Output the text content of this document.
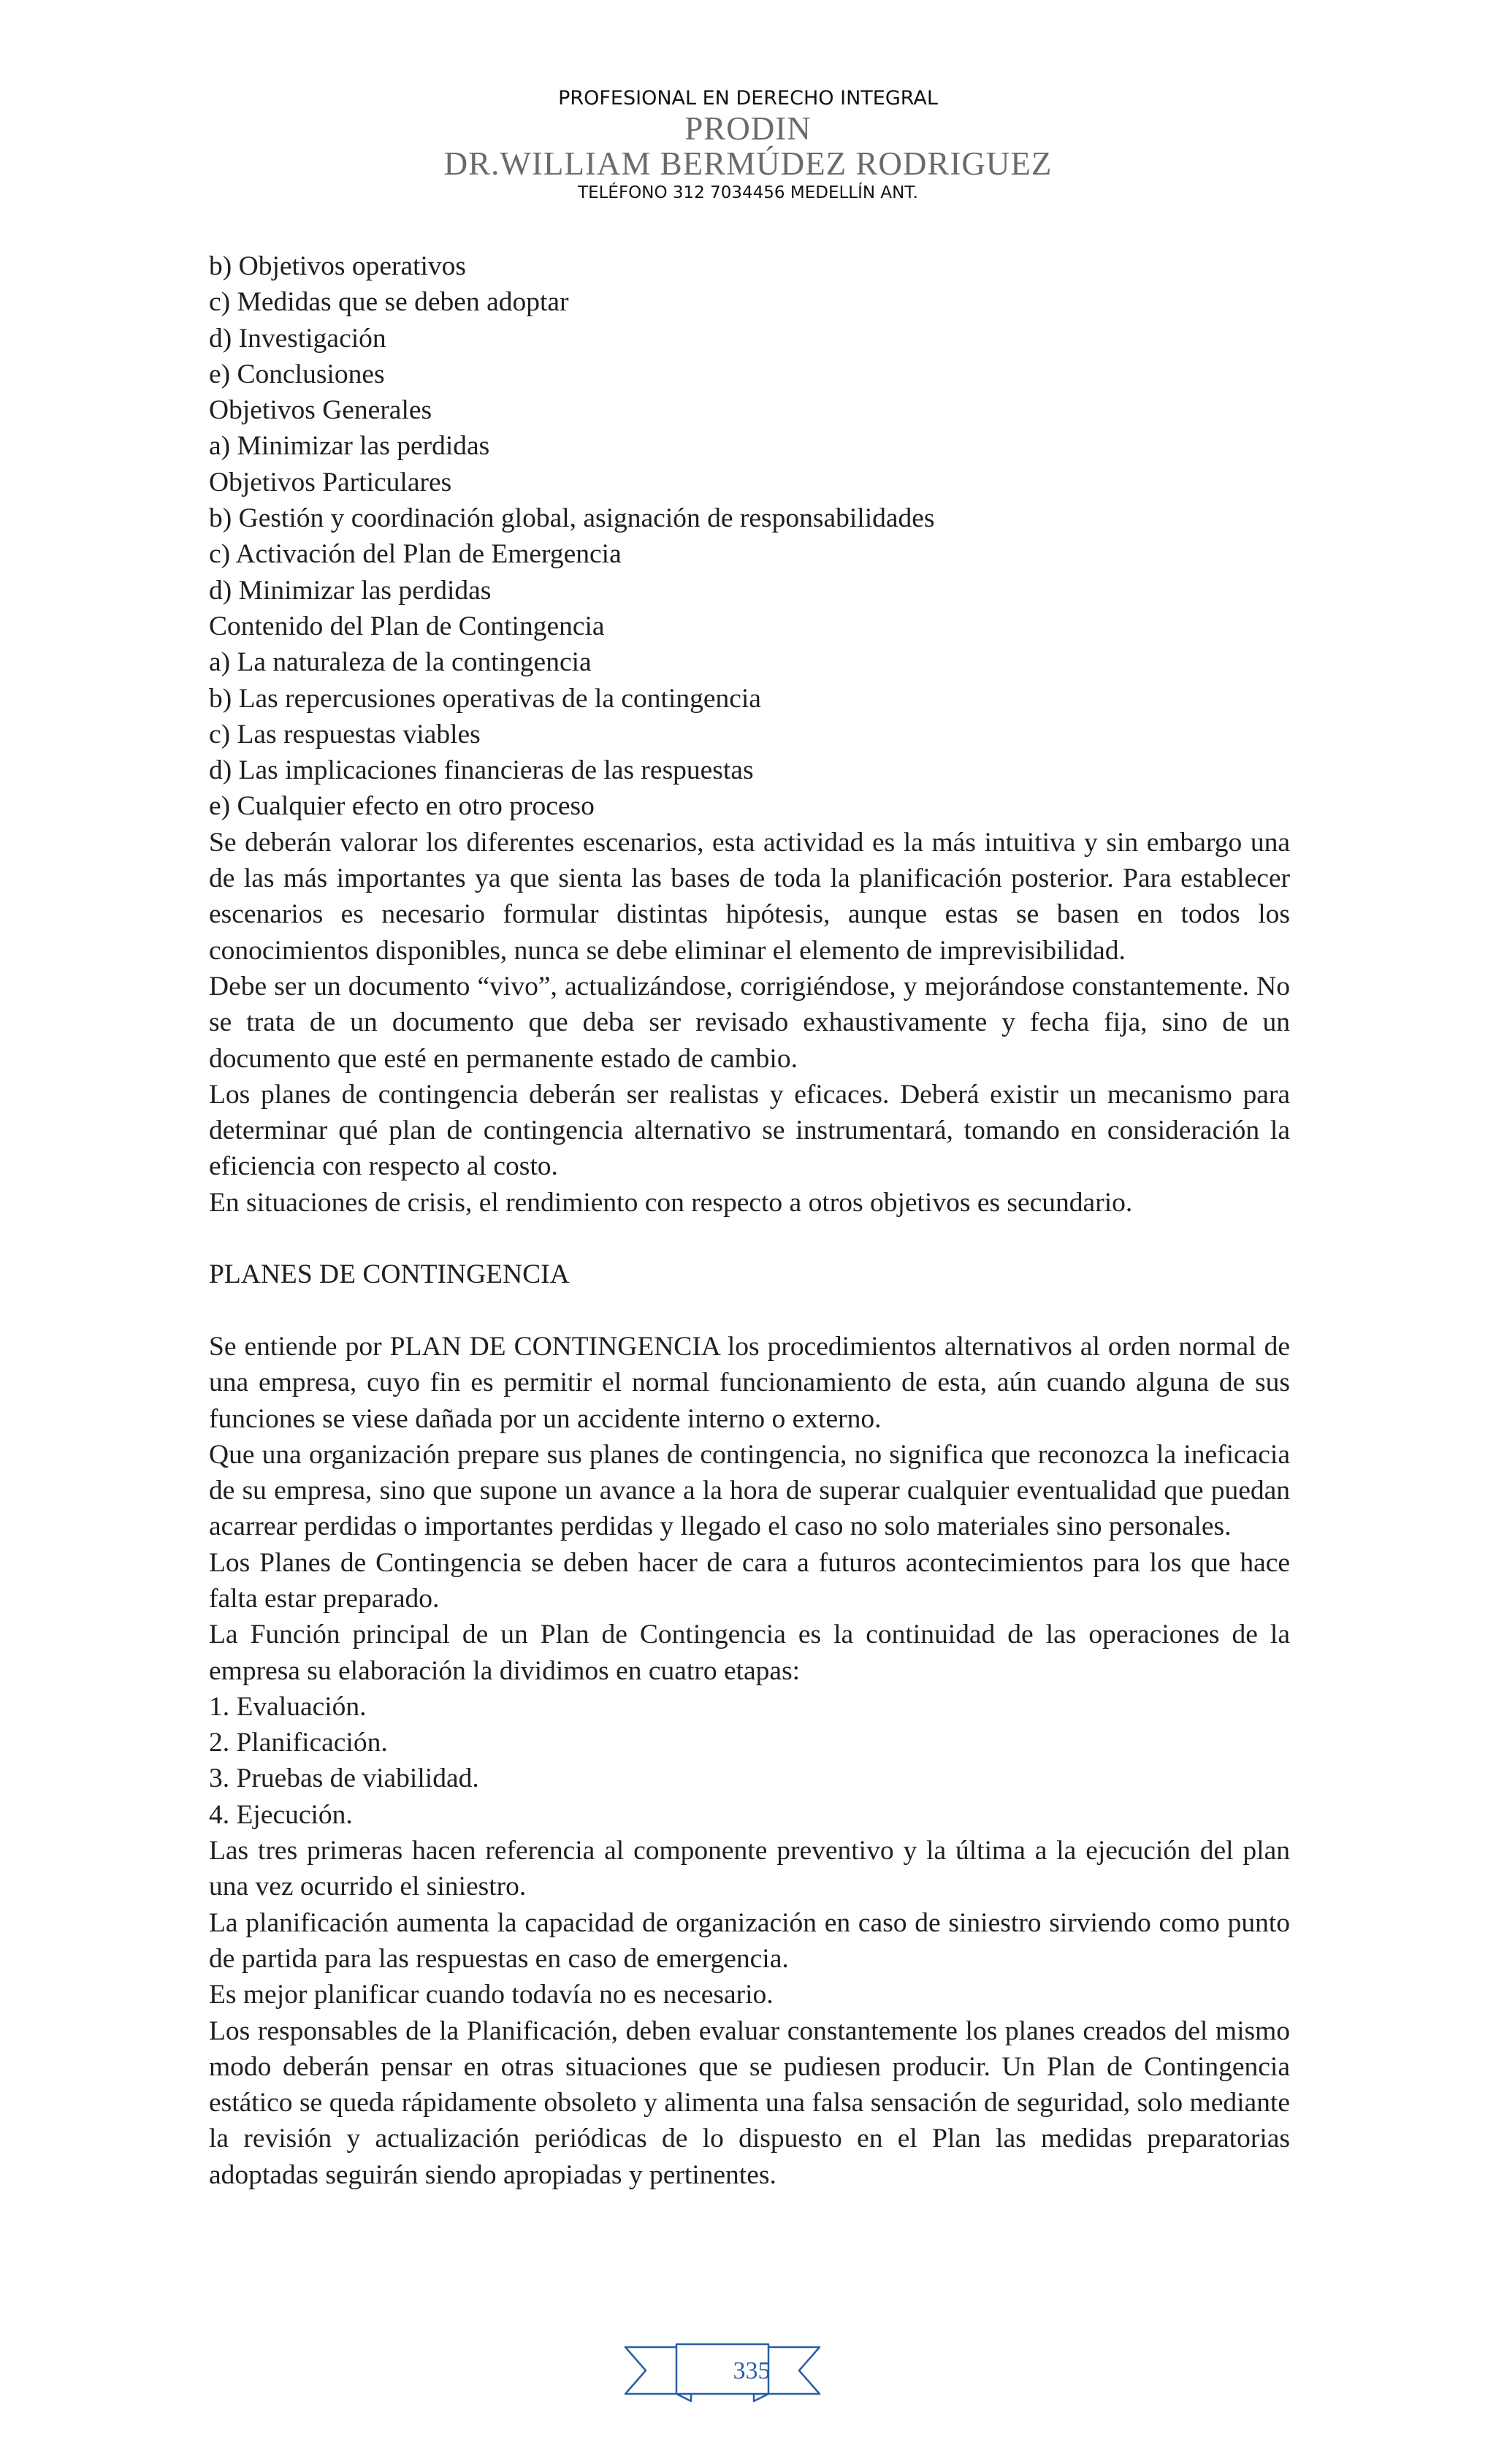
PROFESIONAL EN DERECHO INTEGRAL
PRODIN
DR.WILLIAM BERMÚDEZ RODRIGUEZ
TELÉFONO 312 7034456 MEDELLÍN ANT.
b) Objetivos operativos
c) Medidas que se deben adoptar
d) Investigación
e) Conclusiones
Objetivos Generales
a) Minimizar las perdidas
Objetivos Particulares
b) Gestión y coordinación global, asignación de responsabilidades
c) Activación del Plan de Emergencia
d) Minimizar las perdidas
Contenido del Plan de Contingencia
a) La naturaleza de la contingencia
b) Las repercusiones operativas de la contingencia
c) Las respuestas viables
d) Las implicaciones financieras de las respuestas
e) Cualquier efecto en otro proceso

Se deberán valorar los diferentes escenarios, esta actividad es la más intuitiva y sin embargo una de las más importantes ya que sienta las bases de toda la planificación posterior. Para establecer escenarios es necesario formular distintas hipótesis, aunque estas se basen en todos los conocimientos disponibles, nunca se debe eliminar el elemento de imprevisibilidad.

Debe ser un documento “vivo”, actualizándose, corrigiéndose, y mejorándose constantemente. No se trata de un documento que deba ser revisado exhaustivamente y fecha fija, sino de un documento que esté en permanente estado de cambio.

Los planes de contingencia deberán ser realistas y eficaces. Deberá existir un mecanismo para determinar qué plan de contingencia alternativo se instrumentará, tomando en consideración la eficiencia con respecto al costo.

En situaciones de crisis, el rendimiento con respecto a otros objetivos es secundario.

PLANES DE CONTINGENCIA

Se entiende por PLAN DE CONTINGENCIA los procedimientos alternativos al orden normal de una empresa, cuyo fin es permitir el normal funcionamiento de esta, aún cuando alguna de sus funciones se viese dañada por un accidente interno o externo.

Que una organización prepare sus planes de contingencia, no significa que reconozca la ineficacia de su empresa, sino que supone un avance a la hora de superar cualquier eventualidad que puedan acarrear perdidas o importantes perdidas y llegado el caso no solo materiales sino personales.

Los Planes de Contingencia se deben hacer de cara a futuros acontecimientos para los que hace falta estar preparado.

La Función principal de un Plan de Contingencia es la continuidad de las operaciones de la empresa su elaboración la dividimos en cuatro etapas:

1. Evaluación.
2. Planificación.
3. Pruebas de viabilidad.
4. Ejecución.

Las tres primeras hacen referencia al componente preventivo y la última a la ejecución del plan una vez ocurrido el siniestro.

La planificación aumenta la capacidad de organización en caso de siniestro sirviendo como punto de partida para las respuestas en caso de emergencia.

Es mejor planificar cuando todavía no es necesario.

Los responsables de la Planificación, deben evaluar constantemente los planes creados del mismo modo deberán pensar en otras situaciones que se pudiesen producir. Un Plan de Contingencia estático se queda rápidamente obsoleto y alimenta una falsa sensación de seguridad, solo mediante la revisión y actualización periódicas de lo dispuesto en el Plan las medidas preparatorias adoptadas seguirán siendo apropiadas y pertinentes.

335
